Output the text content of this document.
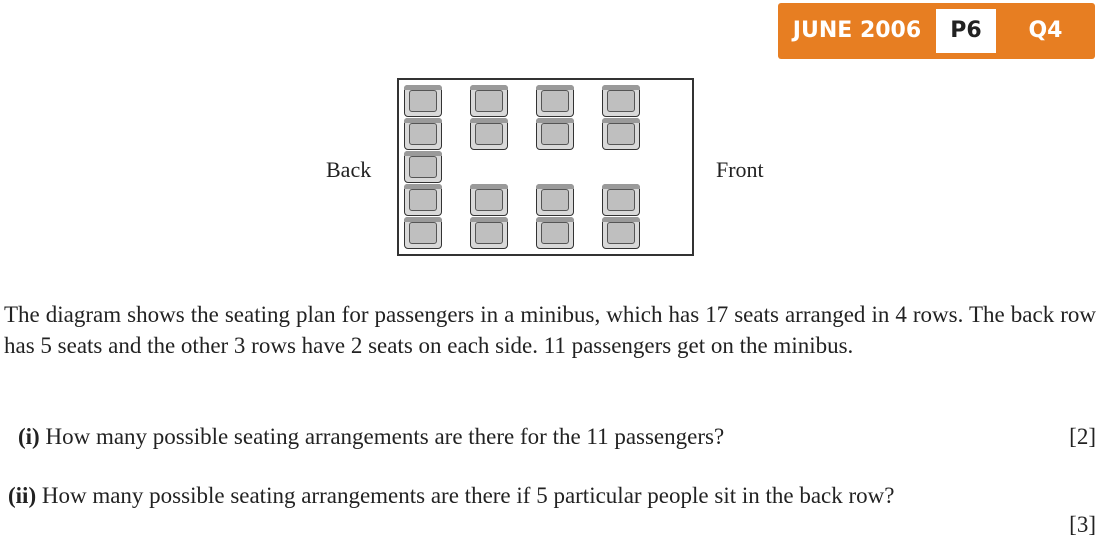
JUNE 2006	P6	Q4
Back	Front

The diagram shows the seating plan for passengers in a minibus, which has 17 seats arranged in 4 rows. The back row has 5 seats and the other 3 rows have 2 seats on each side. 11 passengers get on the minibus.

(i) How many possible seating arrangements are there for the 11 passengers?	[2]
(ii) How many possible seating arrangements are there if 5 particular people sit in the back row?
[3]
